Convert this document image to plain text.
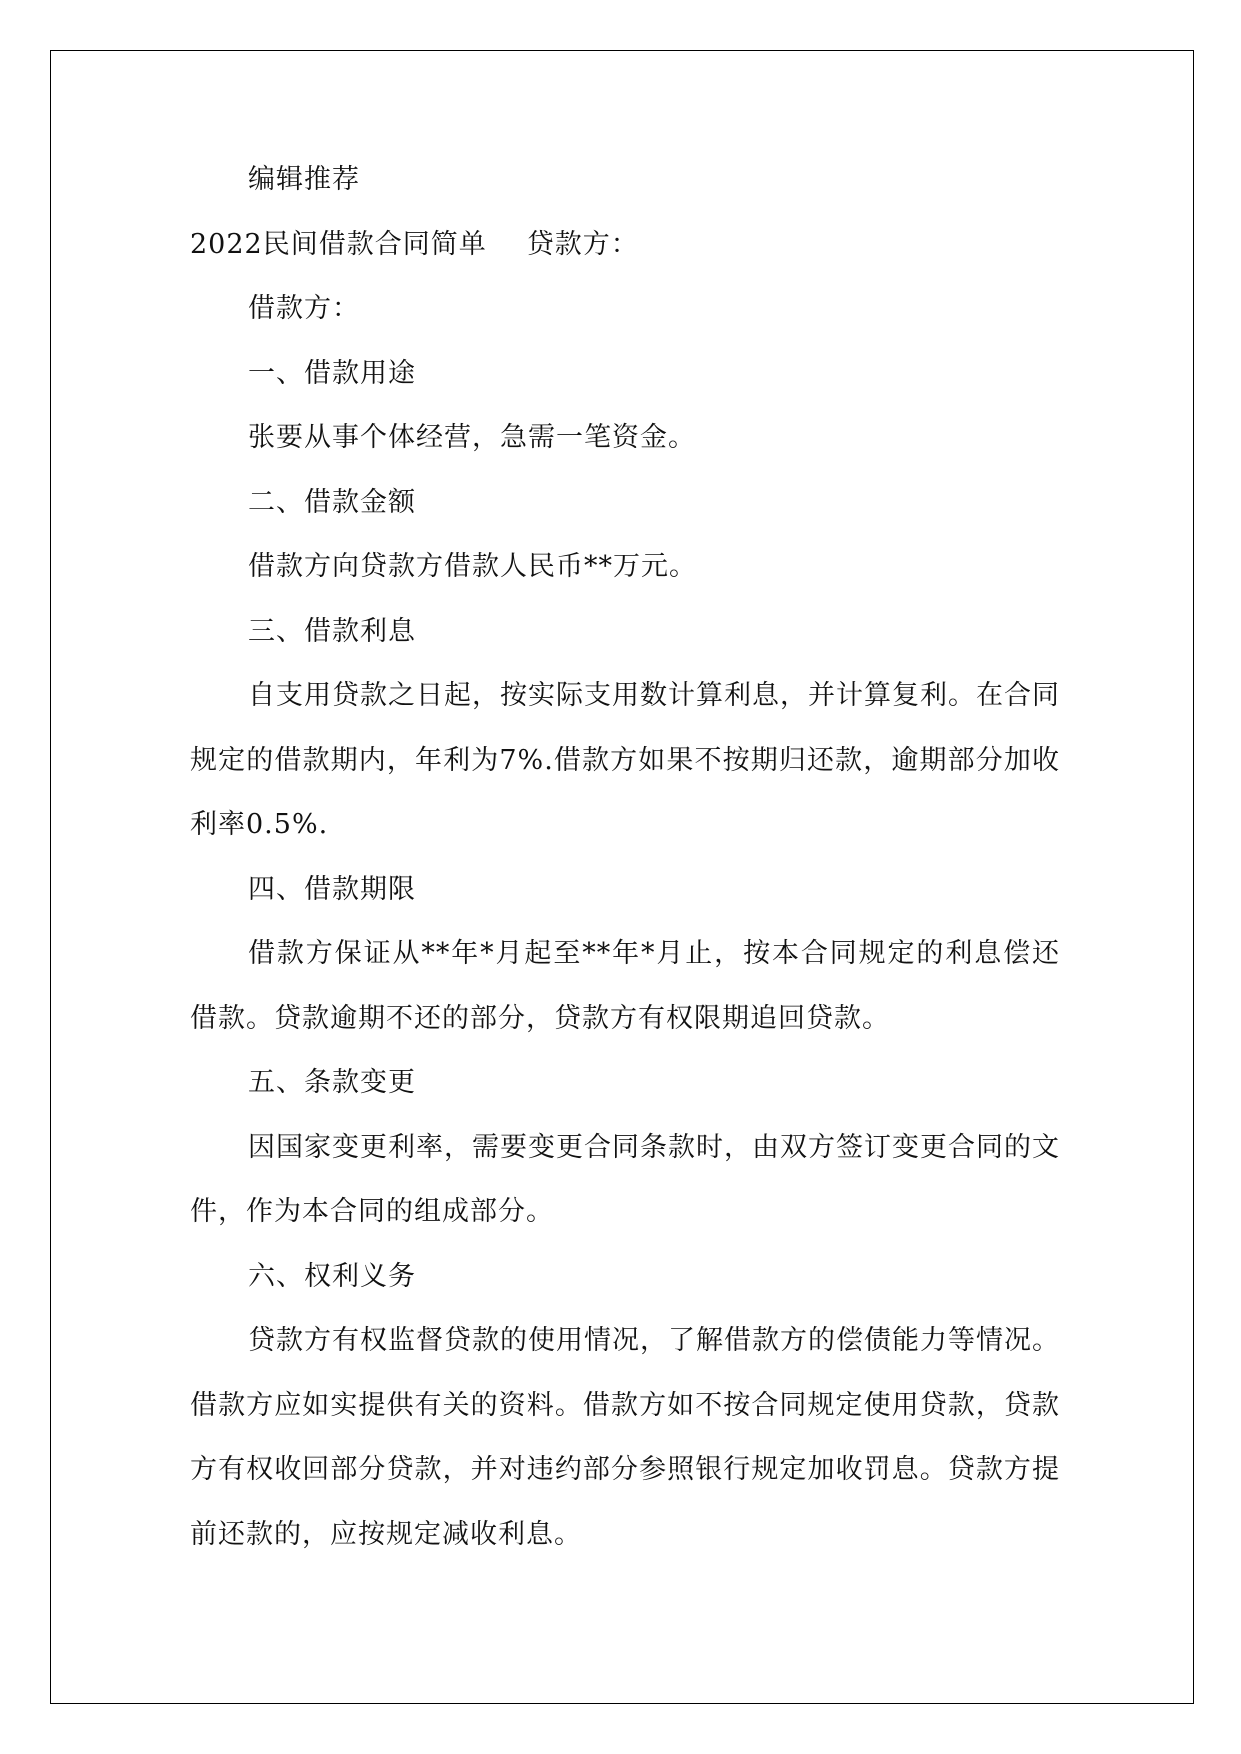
编辑推荐

2022民间借款合同简单 贷款方：

借款方：

一、借款用途

张要从事个体经营，急需一笔资金。

二、借款金额

借款方向贷款方借款人民币**万元。

三、借款利息

自支用贷款之日起，按实际支用数计算利息，并计算复利。在合同规定的借款期内，年利为7%.借款方如果不按期归还款，逾期部分加收利率0.5%.

四、借款期限

借款方保证从**年*月起至**年*月止，按本合同规定的利息偿还借款。贷款逾期不还的部分，贷款方有权限期追回贷款。

五、条款变更

因国家变更利率，需要变更合同条款时，由双方签订变更合同的文件，作为本合同的组成部分。

六、权利义务

贷款方有权监督贷款的使用情况，了解借款方的偿债能力等情况。借款方应如实提供有关的资料。借款方如不按合同规定使用贷款，贷款方有权收回部分贷款，并对违约部分参照银行规定加收罚息。贷款方提前还款的，应按规定减收利息。
